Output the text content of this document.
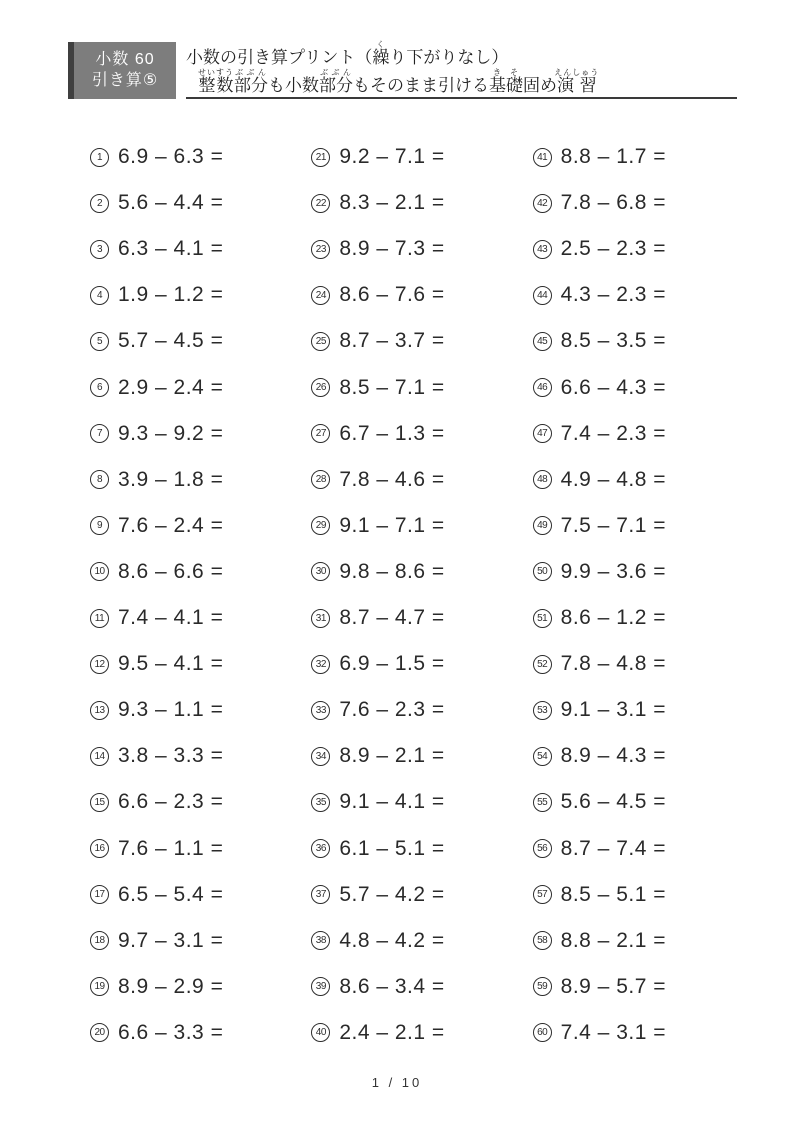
小数 60
引き算⑤
小数の引き算プリント（繰くり下がりなし）
整数せいすう部分ぶぶんも小数部分ぶぶんもそのまま引ける基礎きそ固め演習えんしゅう
1 6.9 – 6.3 =
2 5.6 – 4.4 =
3 6.3 – 4.1 =
4 1.9 – 1.2 =
5 5.7 – 4.5 =
6 2.9 – 2.4 =
7 9.3 – 9.2 =
8 3.9 – 1.8 =
9 7.6 – 2.4 =
10 8.6 – 6.6 =
11 7.4 – 4.1 =
12 9.5 – 4.1 =
13 9.3 – 1.1 =
14 3.8 – 3.3 =
15 6.6 – 2.3 =
16 7.6 – 1.1 =
17 6.5 – 5.4 =
18 9.7 – 3.1 =
19 8.9 – 2.9 =
20 6.6 – 3.3 =
21 9.2 – 7.1 =
22 8.3 – 2.1 =
23 8.9 – 7.3 =
24 8.6 – 7.6 =
25 8.7 – 3.7 =
26 8.5 – 7.1 =
27 6.7 – 1.3 =
28 7.8 – 4.6 =
29 9.1 – 7.1 =
30 9.8 – 8.6 =
31 8.7 – 4.7 =
32 6.9 – 1.5 =
33 7.6 – 2.3 =
34 8.9 – 2.1 =
35 9.1 – 4.1 =
36 6.1 – 5.1 =
37 5.7 – 4.2 =
38 4.8 – 4.2 =
39 8.6 – 3.4 =
40 2.4 – 2.1 =
41 8.8 – 1.7 =
42 7.8 – 6.8 =
43 2.5 – 2.3 =
44 4.3 – 2.3 =
45 8.5 – 3.5 =
46 6.6 – 4.3 =
47 7.4 – 2.3 =
48 4.9 – 4.8 =
49 7.5 – 7.1 =
50 9.9 – 3.6 =
51 8.6 – 1.2 =
52 7.8 – 4.8 =
53 9.1 – 3.1 =
54 8.9 – 4.3 =
55 5.6 – 4.5 =
56 8.7 – 7.4 =
57 8.5 – 5.1 =
58 8.8 – 2.1 =
59 8.9 – 5.7 =
60 7.4 – 3.1 =
1 / 10
